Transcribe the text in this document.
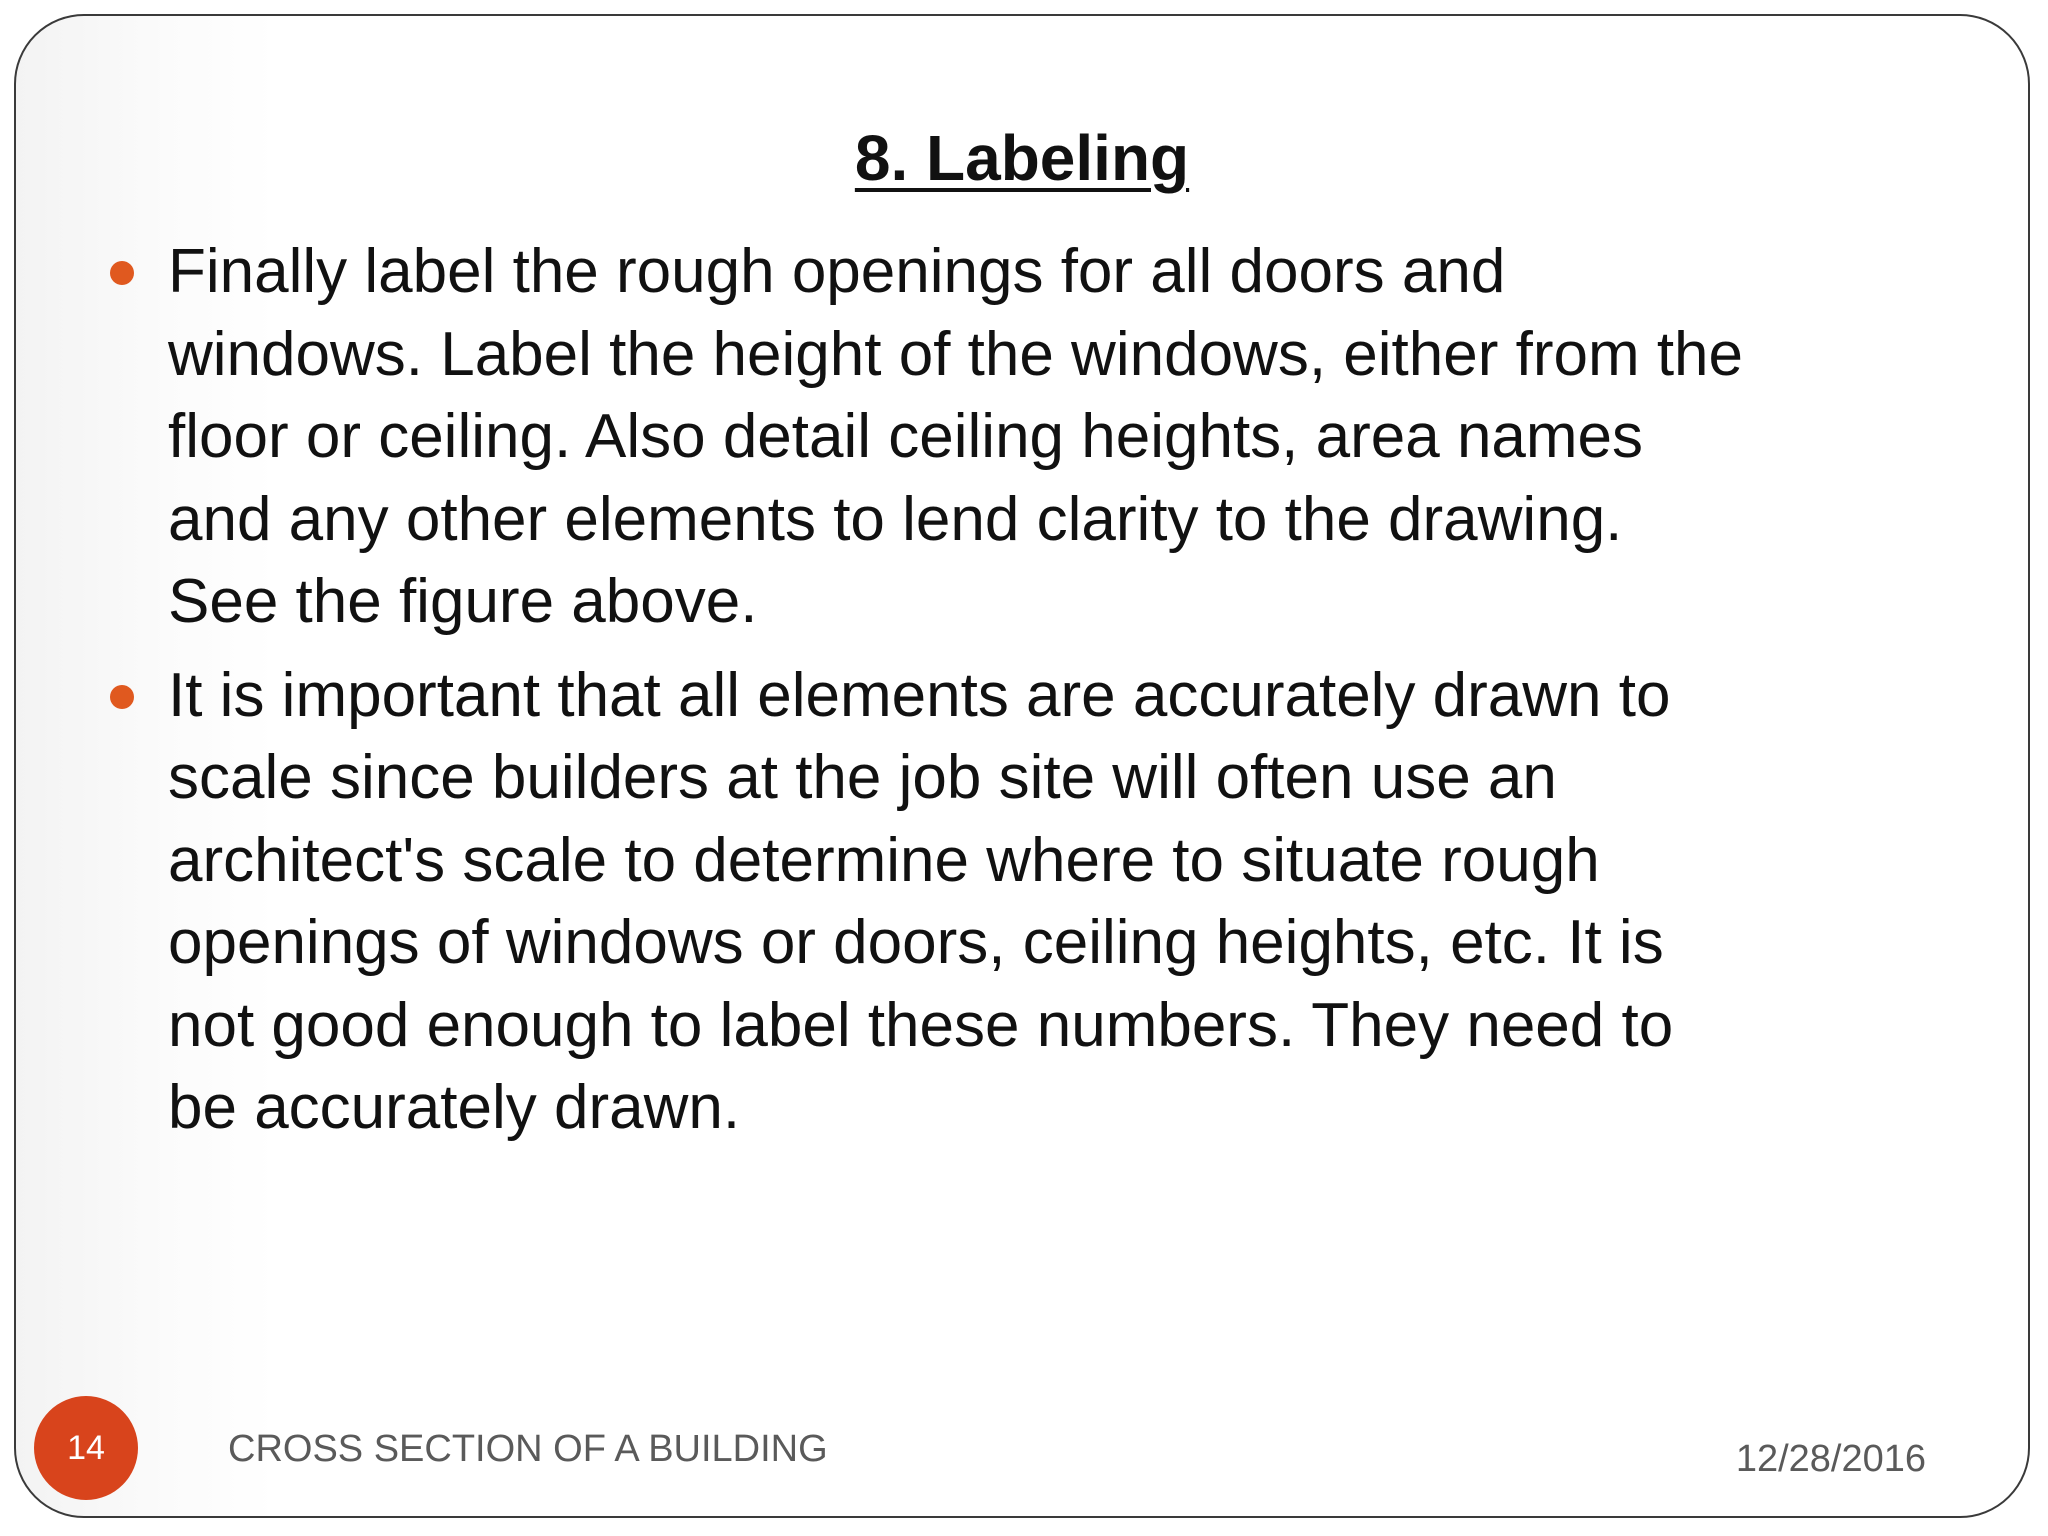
8. Labeling
Finally label the rough openings for all doors and
windows. Label the height of the windows, either from the
floor or ceiling. Also detail ceiling heights, area names
and any other elements to lend clarity to the drawing.
See the figure above.
It is important that all elements are accurately drawn to
scale since builders at the job site will often use an
architect's scale to determine where to situate rough
openings of windows or doors, ceiling heights, etc. It is
not good enough to label these numbers. They need to
be accurately drawn.
14	CROSS SECTION OF A BUILDING	12/28/2016
